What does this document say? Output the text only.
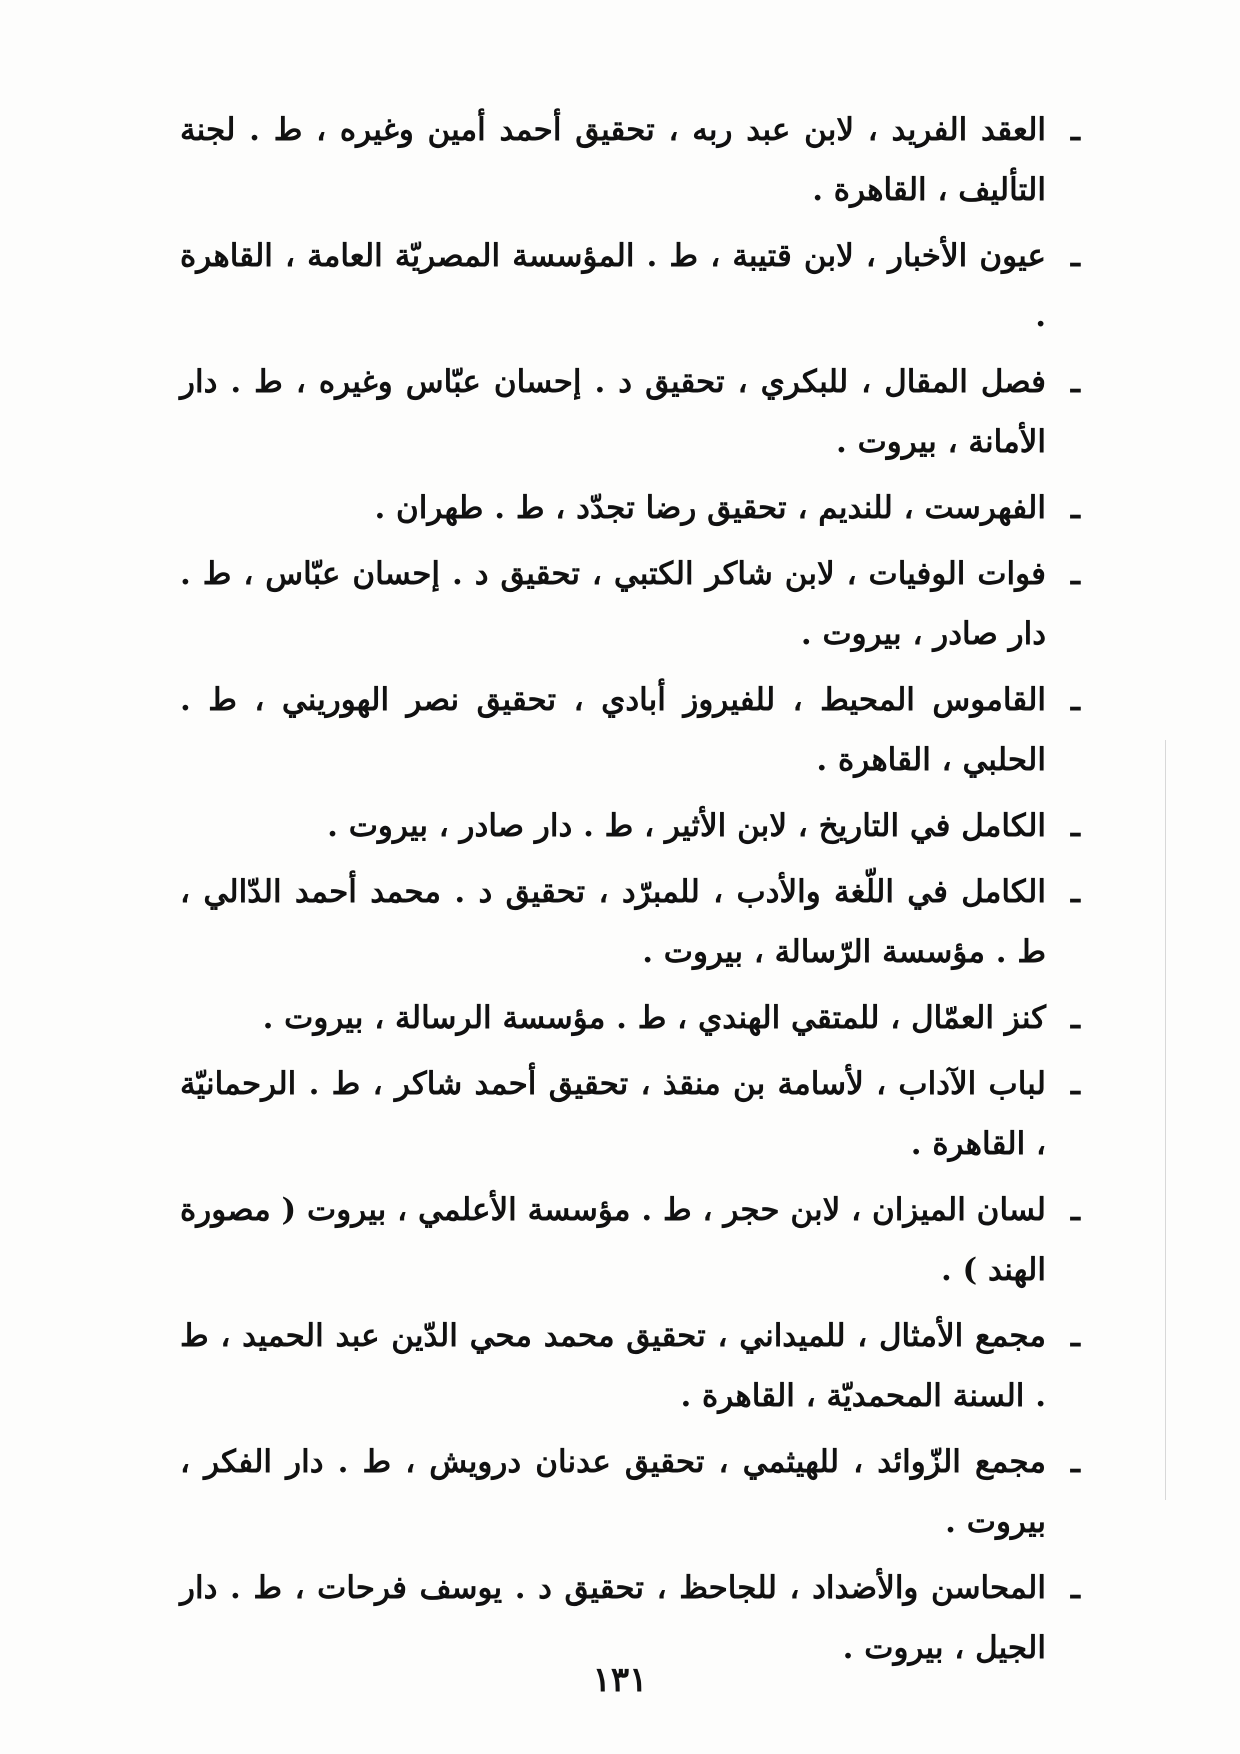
ـالعقد الفريد ، لابن عبد ربه ، تحقيق أحمد أمين وغيره ، ط . لجنة التأليف ، القاهرة .

ـعيون الأخبار ، لابن قتيبة ، ط . المؤسسة المصريّة العامة ، القاهرة .

ـفصل المقال ، للبكري ، تحقيق د . إحسان عبّاس وغيره ، ط . دار الأمانة ، بيروت .

ـالفهرست ، للنديم ، تحقيق رضا تجدّد ، ط . طهران .

ـفوات الوفيات ، لابن شاكر الكتبي ، تحقيق د . إحسان عبّاس ، ط . دار صادر ، بيروت .

ـالقاموس المحيط ، للفيروز أبادي ، تحقيق نصر الهوريني ، ط . الحلبي ، القاهرة .

ـالكامل في التاريخ ، لابن الأثير ، ط . دار صادر ، بيروت .

ـالكامل في اللّغة والأدب ، للمبرّد ، تحقيق د . محمد أحمد الدّالي ، ط . مؤسسة الرّسالة ، بيروت .

ـكنز العمّال ، للمتقي الهندي ، ط . مؤسسة الرسالة ، بيروت .

ـلباب الآداب ، لأسامة بن منقذ ، تحقيق أحمد شاكر ، ط . الرحمانيّة ، القاهرة .

ـلسان الميزان ، لابن حجر ، ط . مؤسسة الأعلمي ، بيروت ( مصورة الهند ) .

ـمجمع الأمثال ، للميداني ، تحقيق محمد محي الدّين عبد الحميد ، ط . السنة المحمديّة ، القاهرة .

ـمجمع الزّوائد ، للهيثمي ، تحقيق عدنان درويش ، ط . دار الفكر ، بيروت .

ـالمحاسن والأضداد ، للجاحظ ، تحقيق د . يوسف فرحات ، ط . دار الجيل ، بيروت .

١٣١
